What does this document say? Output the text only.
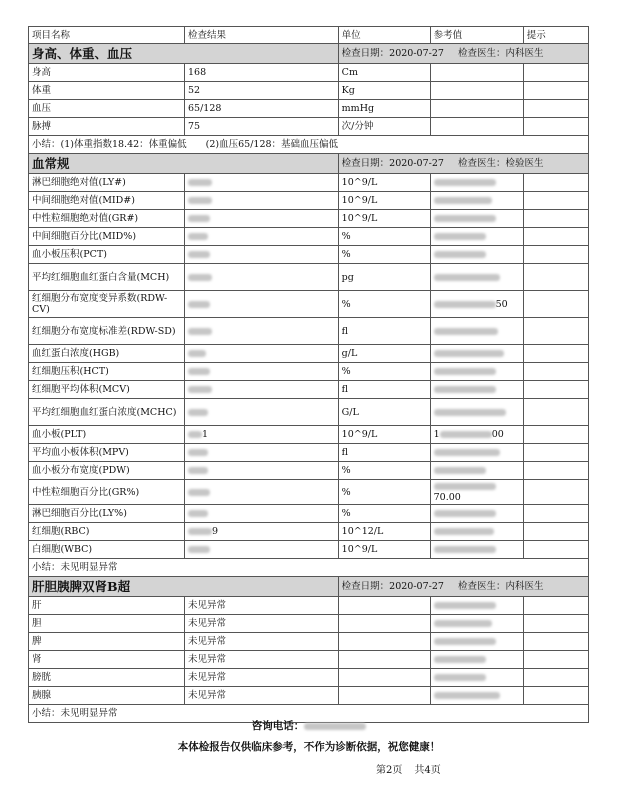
项目名称	检查结果	单位	参考值	提示
身高、体重、血压		检查日期：2020-07-27 检查医生：内科医生		
身高	168	Cm		
体重	52	Kg		
血压	65/128	mmHg		
脉搏	75	次/分钟		
小结：(1)体重指数18.42：体重偏低　　(2)血压65/128：基础血压偏低				
血常规		检查日期：2020-07-27 检查医生：检验医生		
淋巴细胞绝对值(LY#)		10^9/L		
中间细胞绝对值(MID#)		10^9/L		
中性粒细胞绝对值(GR#)		10^9/L		
中间细胞百分比(MID%)		%		
血小板压积(PCT)		%		
平均红细胞血红蛋白含量(MCH)		pg		
红细胞分布宽度变异系数(RDW-CV)		%	50	
红细胞分布宽度标准差(RDW-SD)		fl		
血红蛋白浓度(HGB)		g/L		
红细胞压积(HCT)		%		
红细胞平均体积(MCV)		fl		
平均红细胞血红蛋白浓度(MCHC)		G/L		
血小板(PLT)	1	10^9/L	1 00	
平均血小板体积(MPV)		fl		
血小板分布宽度(PDW)		%		
中性粒细胞百分比(GR%)		%	70.00	
淋巴细胞百分比(LY%)		%		
红细胞(RBC)	9	10^12/L		
白细胞(WBC)		10^9/L		
小结：未见明显异常				
肝胆胰脾双肾B超		检查日期：2020-07-27 检查医生：内科医生		
肝	未见异常			
胆	未见异常			
脾	未见异常			
肾	未见异常			
膀胱	未见异常			
胰腺	未见异常			
小结：未见明显异常				
咨询电话：
本体检报告仅供临床参考，不作为诊断依据，祝您健康！
第2页 共4页
